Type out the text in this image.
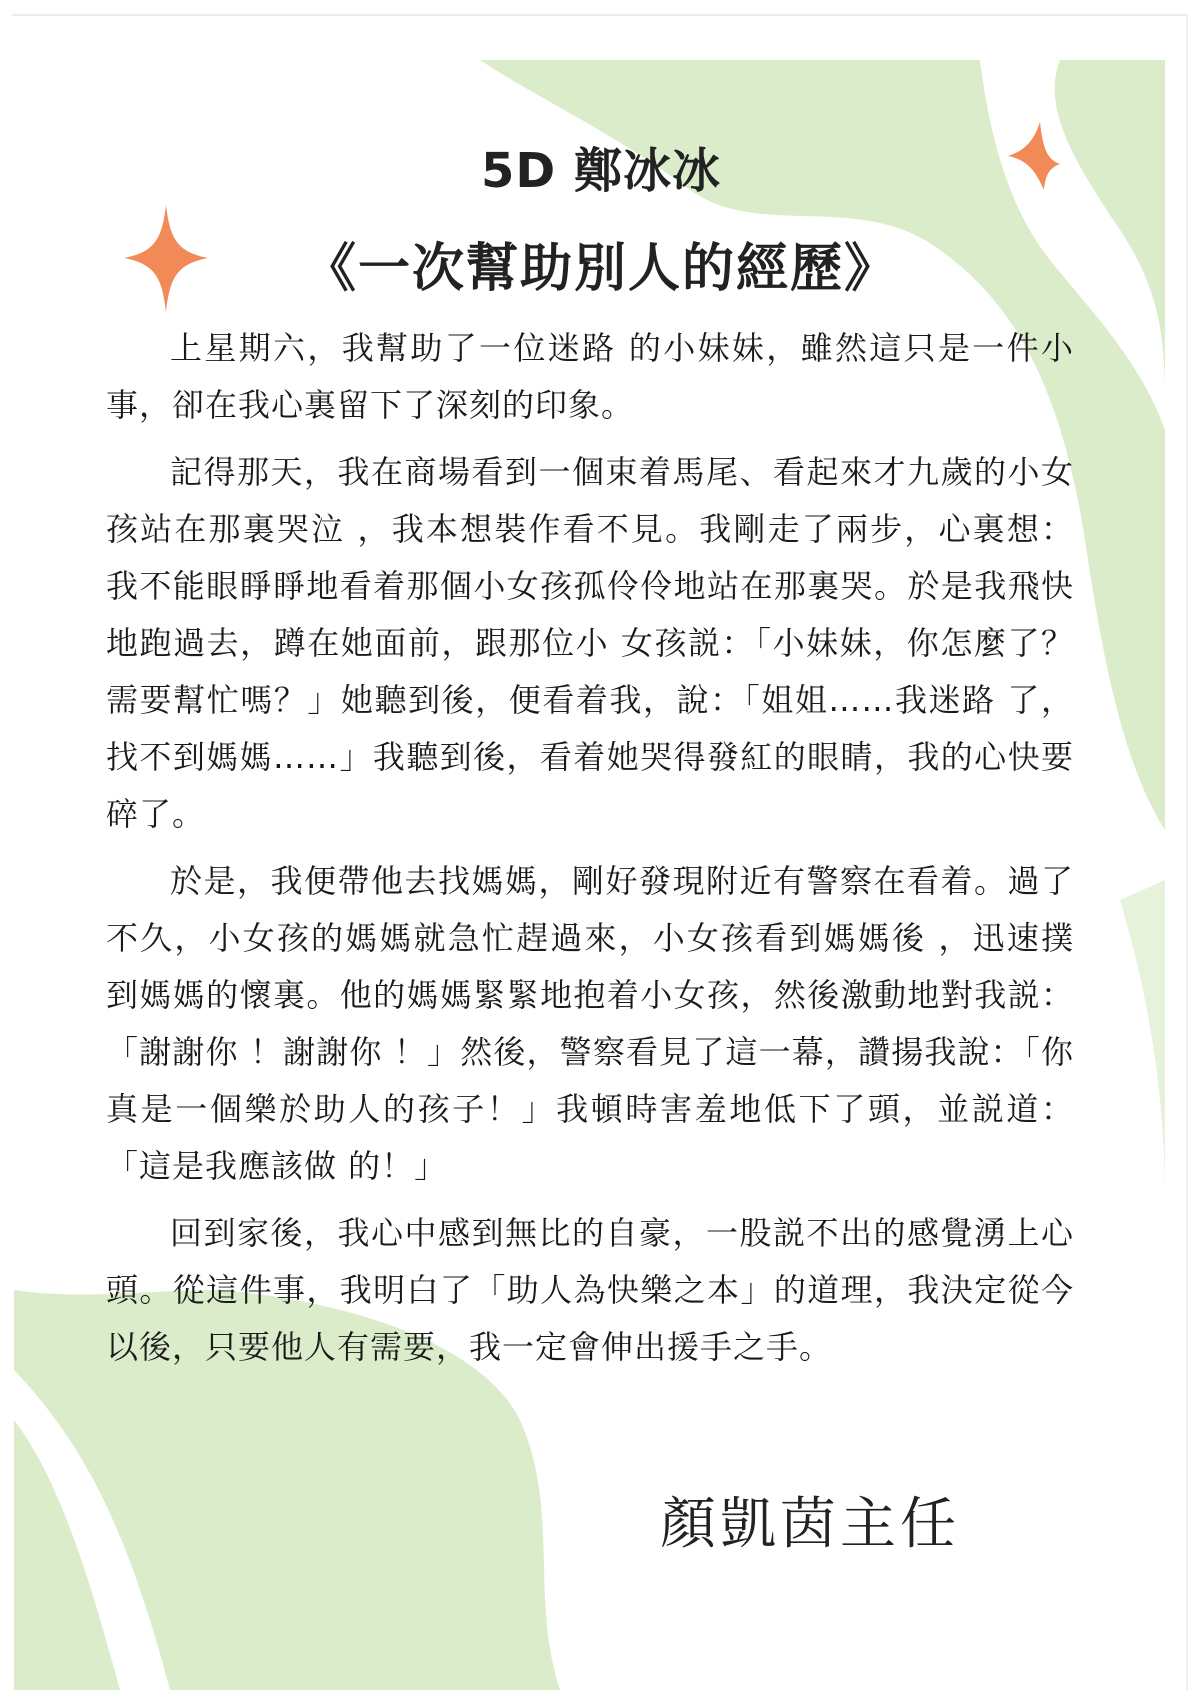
5D 鄭冰冰
《一次幫助別人的經歷》

上星期六，我幫助了一位迷路 的小妹妹，雖然這只是一件小事，卻在我心裏留下了深刻的印象。

記得那天，我在商場看到一個束着馬尾、看起來才九歲的小女孩站在那裏哭泣 ，我本想裝作看不見。我剛走了兩步，心裏想：我不能眼睜睜地看着那個小女孩孤伶伶地站在那裏哭。於是我飛快地跑過去，蹲在她面前，跟那位小 女孩説：「小妹妹，你怎麼了？需要幫忙嗎？」她聽到後，便看着我，說：「姐姐……我迷路 了，找不到媽媽……」我聽到後，看着她哭得發紅的眼睛，我的心快要碎了。

於是，我便帶他去找媽媽，剛好發現附近有警察在看着。過了不久，小女孩的媽媽就急忙趕過來，小女孩看到媽媽後 ，迅速撲到媽媽的懷裏。他的媽媽緊緊地抱着小女孩，然後激動地對我説：「謝謝你 ！謝謝你 ！」然後，警察看見了這一幕，讚揚我說：「你真是一個樂於助人的孩子！」我頓時害羞地低下了頭，並説道：「這是我應該做 的！」

回到家後，我心中感到無比的自豪，一股説不出的感覺湧上心頭。從這件事，我明白了「助人為快樂之本」的道理，我決定從今以後，只要他人有需要，我一定會伸出援手之手。

顏凱茵主任
